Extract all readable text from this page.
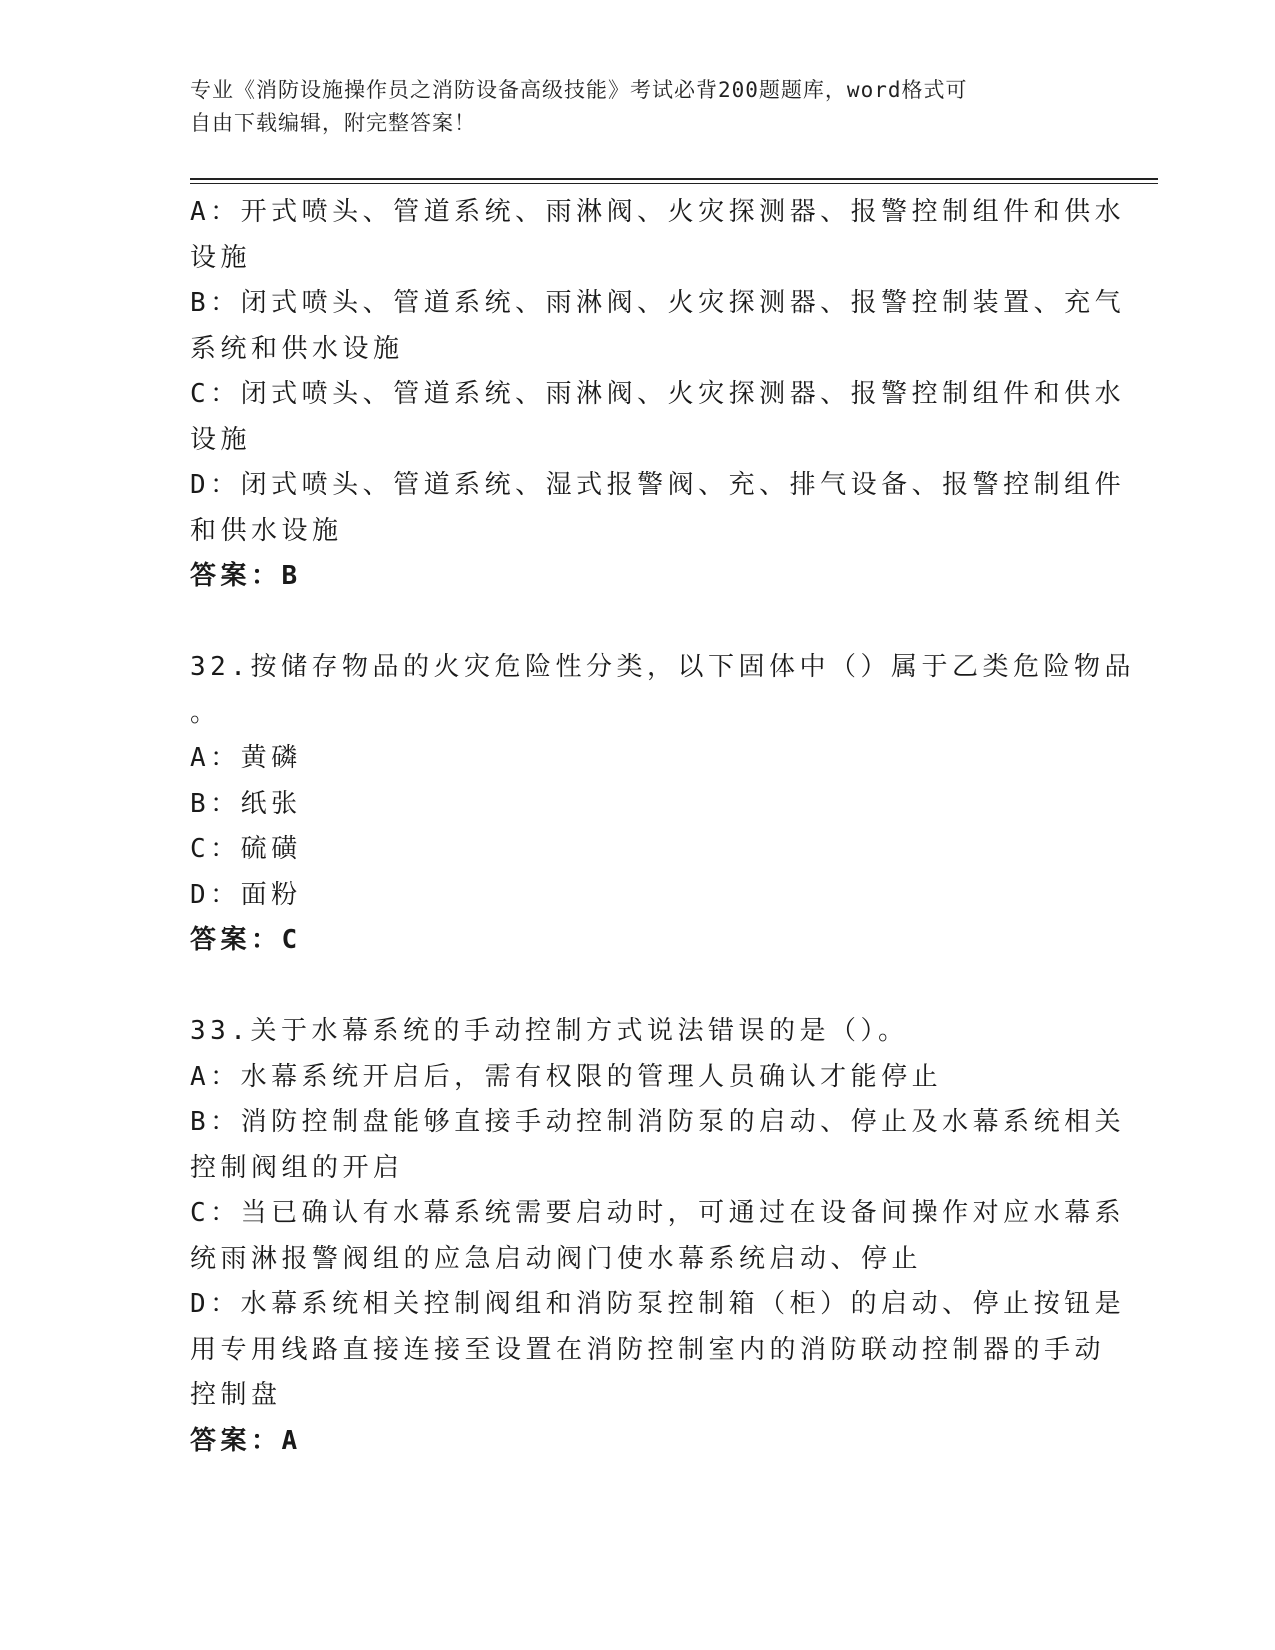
专业《消防设施操作员之消防设备高级技能》考试必背200题题库，word格式可
自由下载编辑，附完整答案！
A：开式喷头、管道系统、雨淋阀、火灾探测器、报警控制组件和供水
设施
B：闭式喷头、管道系统、雨淋阀、火灾探测器、报警控制装置、充气
系统和供水设施
C：闭式喷头、管道系统、雨淋阀、火灾探测器、报警控制组件和供水
设施
D：闭式喷头、管道系统、湿式报警阀、充、排气设备、报警控制组件
和供水设施
答案：B
32.按储存物品的火灾危险性分类，以下固体中（）属于乙类危险物品
。
A：黄磷
B：纸张
C：硫磺
D：面粉
答案：C
33.关于水幕系统的手动控制方式说法错误的是（）。
A：水幕系统开启后，需有权限的管理人员确认才能停止
B：消防控制盘能够直接手动控制消防泵的启动、停止及水幕系统相关
控制阀组的开启
C：当已确认有水幕系统需要启动时，可通过在设备间操作对应水幕系
统雨淋报警阀组的应急启动阀门使水幕系统启动、停止
D：水幕系统相关控制阀组和消防泵控制箱（柜）的启动、停止按钮是
用专用线路直接连接至设置在消防控制室内的消防联动控制器的手动
控制盘
答案：A
